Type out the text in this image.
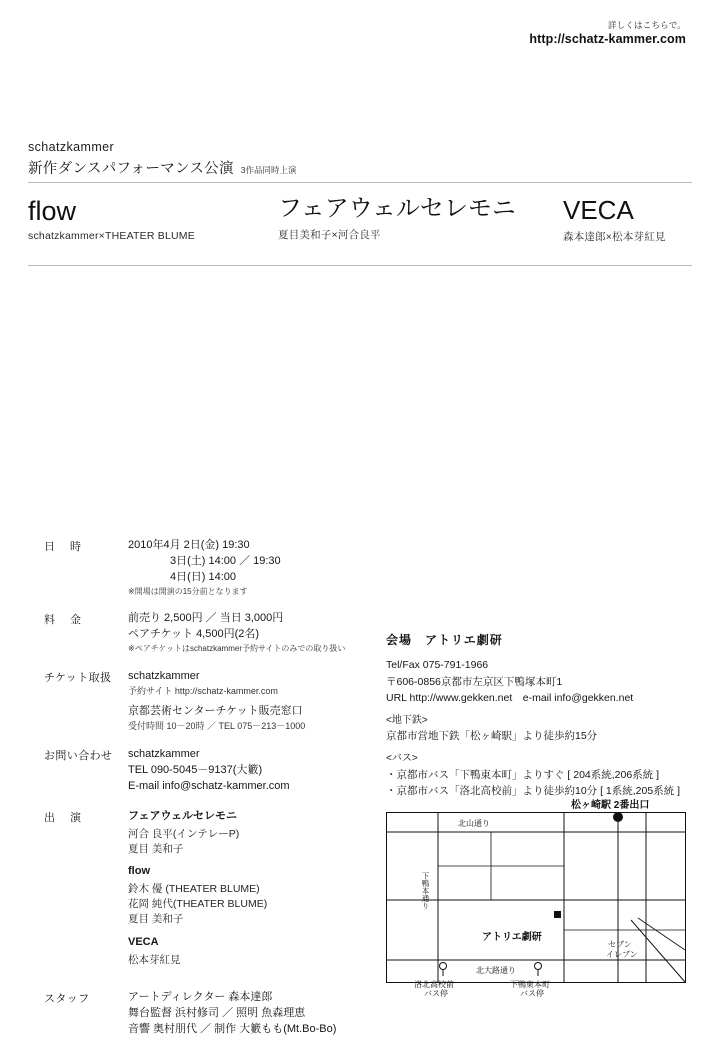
詳しくはこちらで。
http://schatz-kammer.com
schatzkammer
新作ダンスパフォーマンス公演 3作品同時上演
flow
schatzkammer×THEATER BLUME
フェアウェルセレモニ
夏目美和子×河合良平
VECA
森本達郎×松本芽紅見
日　時	2010年4月 2日(金) 19:30
3日(土) 14:00 ／ 19:30
4日(日) 14:00
※開場は開演の15分前となります
料　金	前売り 2,500円 ／ 当日 3,000円
ペアチケット 4,500円(2名)
※ペアチケットはschatzkammer予約サイトのみでの取り扱い
チケット取扱	schatzkammer
予約サイト http://schatz-kammer.com
京都芸術センターチケット販売窓口
受付時間 10－20時 ／ TEL 075－213－1000
お問い合わせ	schatzkammer
TEL 090-5045－9137(大籔)
E-mail info@schatz-kammer.com
出　演	フェアウェルセレモニ
河合 良平(インテレーP)
夏目 美和子
flow
鈴木 優 (THEATER BLUME)
花岡 純代(THEATER BLUME)
夏目 美和子
VECA
松本芽紅見
スタッフ	アートディレクター 森本達郎
舞台監督 浜村修司 ／ 照明 魚森理恵
音響 奥村朋代 ／ 制作 大籔もも(Mt.Bo-Bo)
会場　アトリエ劇研
Tel/Fax 075-791-1966
〒606-0856京都市左京区下鴨塚本町1
URL http://www.gekken.net　e-mail info@gekken.net
<地下鉄>
京都市営地下鉄「松ヶ崎駅」より徒歩約15分
<バス>
・京都市バス「下鴨東本町」よりすぐ [ 204系統,206系統 ]
・京都市バス「洛北高校前」より徒歩約10分 [ 1系統,205系統 ]
松ヶ崎駅 2番出口
北山通り
北大路通り
下鴨本通り
アトリエ劇研
セブン
イレブン
洛北高校前
バス停
下鴨東本町
バス停
